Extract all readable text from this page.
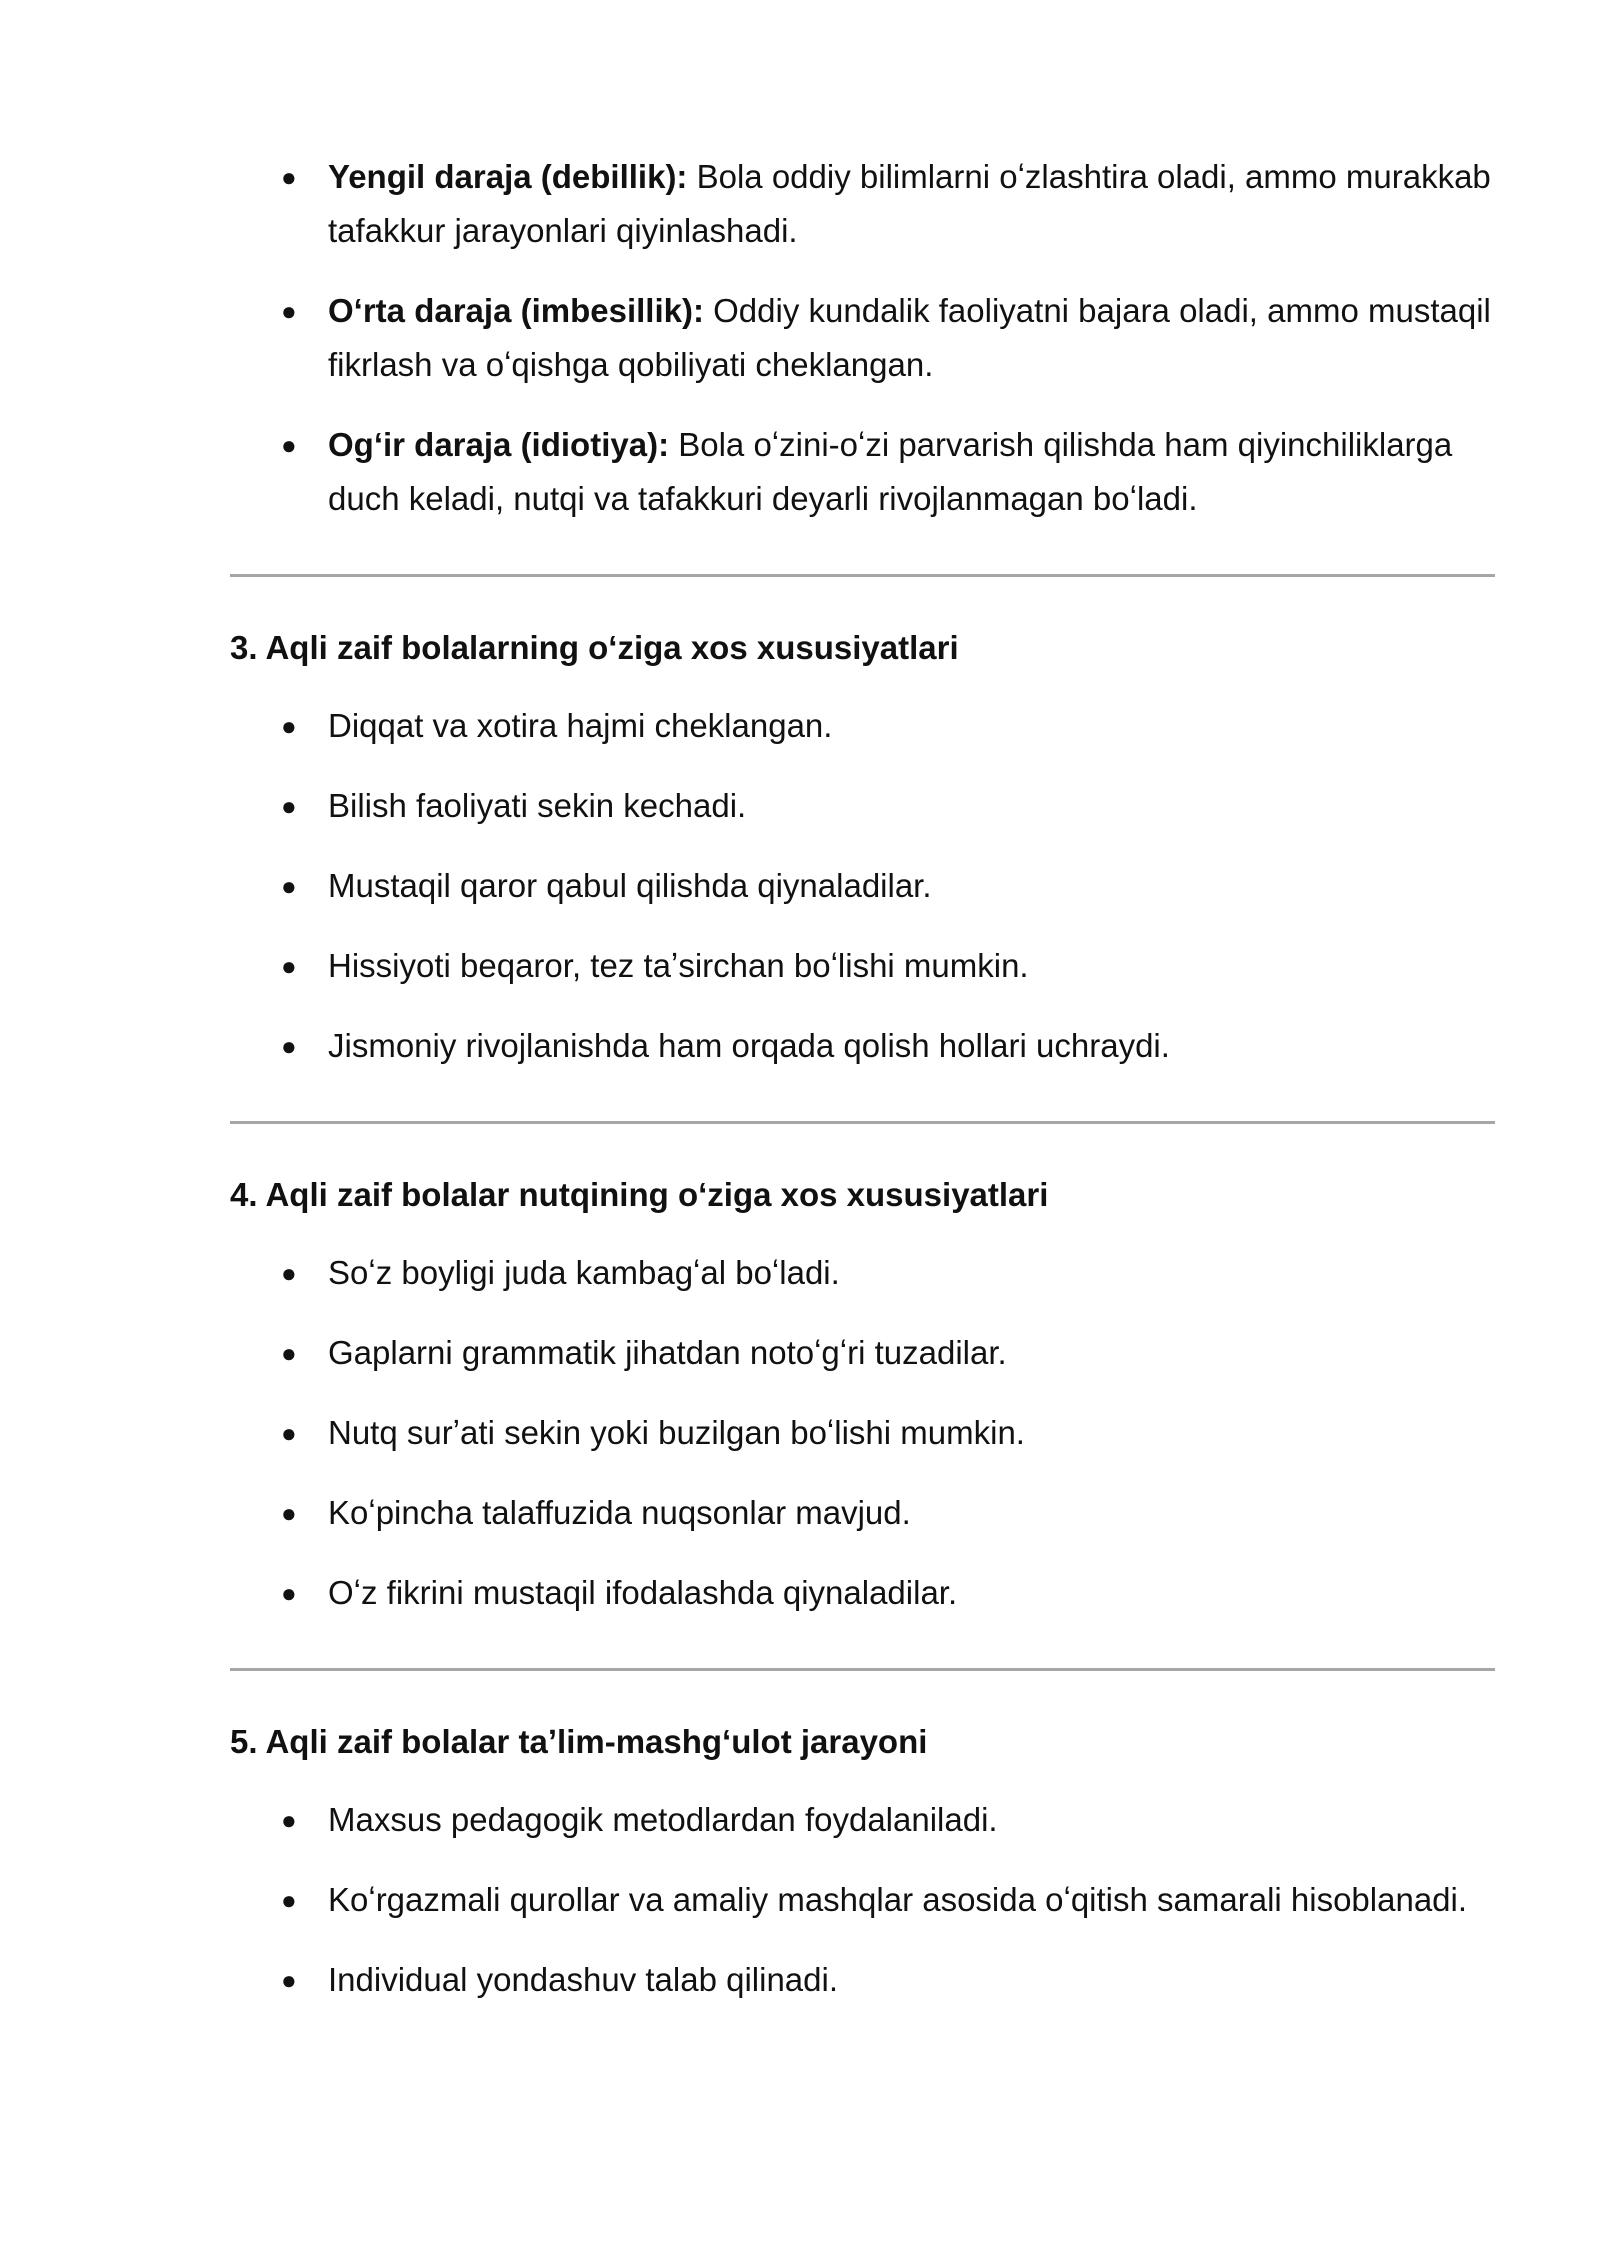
● Yengil daraja (debillik): Bola oddiy bilimlarni oʻzlashtira oladi, ammo murakkab tafakkur jarayonlari qiyinlashadi.
● Oʻrta daraja (imbesillik): Oddiy kundalik faoliyatni bajara oladi, ammo mustaqil fikrlash va oʻqishga qobiliyati cheklangan.
● Ogʻir daraja (idiotiya): Bola oʻzini-oʻzi parvarish qilishda ham qiyinchiliklarga duch keladi, nutqi va tafakkuri deyarli rivojlanmagan boʻladi.
3. Aqli zaif bolalarning oʻziga xos xususiyatlari
● Diqqat va xotira hajmi cheklangan.
● Bilish faoliyati sekin kechadi.
● Mustaqil qaror qabul qilishda qiynaladilar.
● Hissiyoti beqaror, tez taʼsirchan boʻlishi mumkin.
● Jismoniy rivojlanishda ham orqada qolish hollari uchraydi.
4. Aqli zaif bolalar nutqining oʻziga xos xususiyatlari
● Soʻz boyligi juda kambagʻal boʻladi.
● Gaplarni grammatik jihatdan notoʻgʻri tuzadilar.
● Nutq surʼati sekin yoki buzilgan boʻlishi mumkin.
● Koʻpincha talaffuzida nuqsonlar mavjud.
● Oʻz fikrini mustaqil ifodalashda qiynaladilar.
5. Aqli zaif bolalar taʼlim-mashgʻulot jarayoni
● Maxsus pedagogik metodlardan foydalaniladi.
● Koʻrgazmali qurollar va amaliy mashqlar asosida oʻqitish samarali hisoblanadi.
● Individual yondashuv talab qilinadi.
